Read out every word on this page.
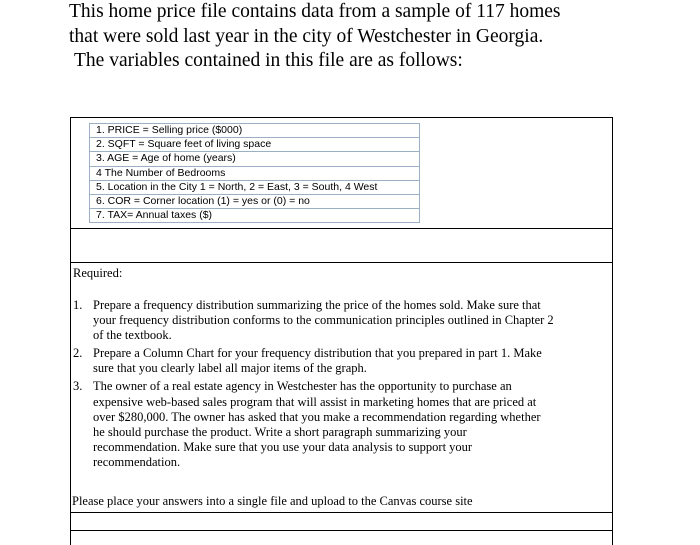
This home price file contains data from a sample of 117 homes
that were sold last year in the city of Westchester in Georgia.
The variables contained in this file are as follows:
1. PRICE = Selling price ($000)
2. SQFT = Square feet of living space
3. AGE = Age of home (years)
4 The Number of Bedrooms
5. Location in the City 1 = North, 2 = East, 3 = South, 4 West
6. COR = Corner location (1) = yes or (0) = no
7. TAX= Annual taxes ($)
Required:
1. Prepare a frequency distribution summarizing the price of the homes sold. Make sure that
your frequency distribution conforms to the communication principles outlined in Chapter 2
of the textbook.
2. Prepare a Column Chart for your frequency distribution that you prepared in part 1. Make
sure that you clearly label all major items of the graph.
3. The owner of a real estate agency in Westchester has the opportunity to purchase an
expensive web-based sales program that will assist in marketing homes that are priced at
over $280,000. The owner has asked that you make a recommendation regarding whether
he should purchase the product. Write a short paragraph summarizing your
recommendation. Make sure that you use your data analysis to support your
recommendation.
Please place your answers into a single file and upload to the Canvas course site
